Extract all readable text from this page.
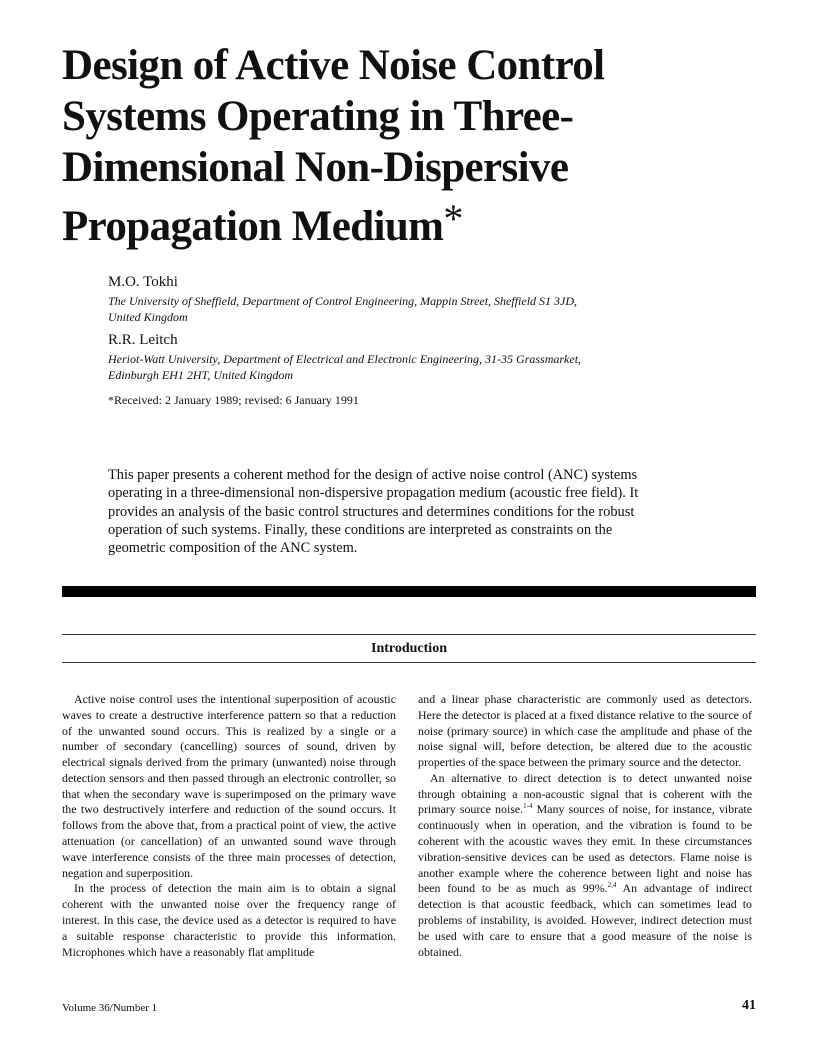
Design of Active Noise Control
Systems Operating in Three-
Dimensional Non-Dispersive
Propagation Medium*

M.O. Tokhi

The University of Sheffield, Department of Control Engineering, Mappin Street, Sheffield S1 3JD,

United Kingdom

R.R. Leitch

Heriot-Watt University, Department of Electrical and Electronic Engineering, 31-35 Grassmarket,

Edinburgh EH1 2HT, United Kingdom

*Received: 2 January 1989; revised: 6 January 1991

This paper presents a coherent method for the design of active noise control (ANC) systems
operating in a three-dimensional non-dispersive propagation medium (acoustic free field). It
provides an analysis of the basic control structures and determines conditions for the robust
operation of such systems. Finally, these conditions are interpreted as constraints on the
geometric composition of the ANC system.

Introduction

Active noise control uses the intentional superposition of acoustic waves to create a destructive interference pattern so that a reduction of the unwanted sound occurs. This is realized by a single or a number of secondary (cancelling) sources of sound, driven by electrical signals derived from the primary (unwanted) noise through detection sensors and then passed through an electronic controller, so that when the secondary wave is superimposed on the primary wave the two destructively interfere and reduction of the sound occurs. It follows from the above that, from a practical point of view, the active attenuation (or cancellation) of an unwanted sound wave through wave interference consists of the three main processes of detection, negation and superposition.

In the process of detection the main aim is to obtain a signal coherent with the unwanted noise over the frequency range of interest. In this case, the device used as a detector is required to have a suitable response characteristic to provide this information. Microphones which have a reasonably flat amplitude

and a linear phase characteristic are commonly used as detectors. Here the detector is placed at a fixed distance relative to the source of noise (primary source) in which case the amplitude and phase of the noise signal will, before detection, be altered due to the acoustic properties of the space between the primary source and the detector.

An alternative to direct detection is to detect unwanted noise through obtaining a non-acoustic signal that is coherent with the primary source noise.$^{1-4}$ Many sources of noise, for instance, vibrate continuously when in operation, and the vibration is found to be coherent with the acoustic waves they emit. In these circumstances vibration-sensitive devices can be used as detectors. Flame noise is another example where the coherence between light and noise has been found to be as much as 99%.$^{2,4}$ An advantage of indirect detection is that acoustic feedback, which can sometimes lead to problems of instability, is avoided. However, indirect detection must be used with care to ensure that a good measure of the noise is obtained.

Volume 36/Number 1	41
